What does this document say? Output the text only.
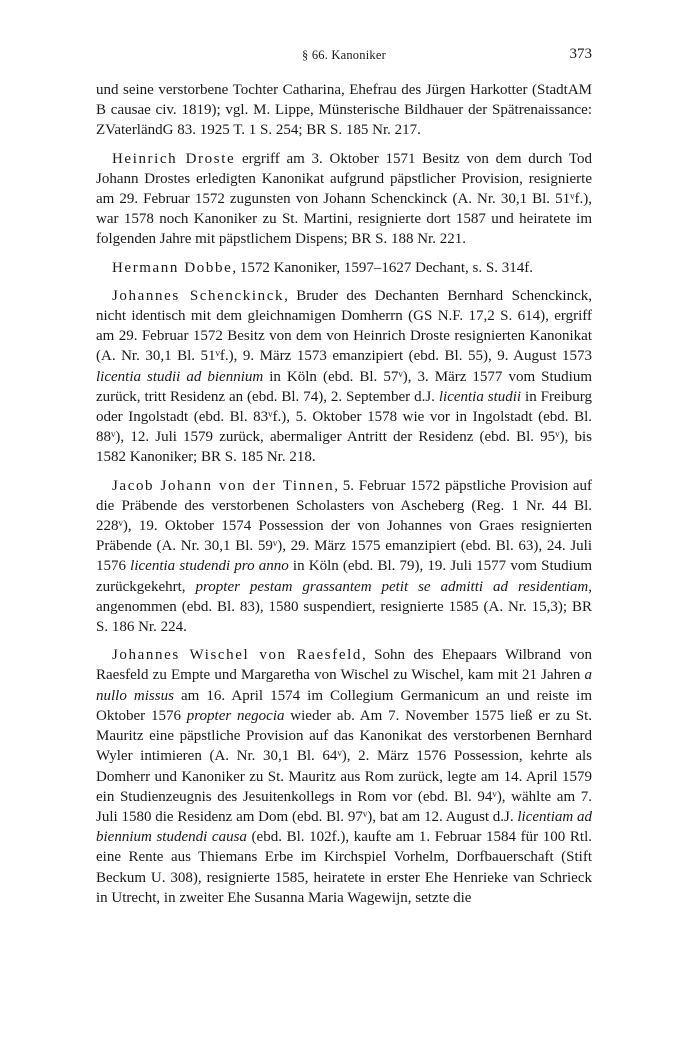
§ 66. Kanoniker	373

und seine verstorbene Tochter Catharina, Ehefrau des Jürgen Harkotter (StadtAM B causae civ. 1819); vgl. M. Lippe, Münsterische Bildhauer der Spätrenaissance: ZVaterländG 83. 1925 T. 1 S. 254; BR S. 185 Nr. 217.

Heinrich Droste ergriff am 3. Oktober 1571 Besitz von dem durch Tod Johann Drostes erledigten Kanonikat aufgrund päpstlicher Provision, resignierte am 29. Februar 1572 zugunsten von Johann Schenckinck (A. Nr. 30,1 Bl. 51ᵛf.), war 1578 noch Kanoniker zu St. Martini, resignierte dort 1587 und heiratete im folgenden Jahre mit päpstlichem Dispens; BR S. 188 Nr. 221.

Hermann Dobbe, 1572 Kanoniker, 1597–1627 Dechant, s. S. 314f.

Johannes Schenckinck, Bruder des Dechanten Bernhard Schenckinck, nicht identisch mit dem gleichnamigen Domherrn (GS N.F. 17,2 S. 614), ergriff am 29. Februar 1572 Besitz von dem von Heinrich Droste resignierten Kanonikat (A. Nr. 30,1 Bl. 51ᵛf.), 9. März 1573 emanzipiert (ebd. Bl. 55), 9. August 1573 licentia studii ad biennium in Köln (ebd. Bl. 57ᵛ), 3. März 1577 vom Studium zurück, tritt Residenz an (ebd. Bl. 74), 2. September d.J. licentia studii in Freiburg oder Ingolstadt (ebd. Bl. 83ᵛf.), 5. Oktober 1578 wie vor in Ingolstadt (ebd. Bl. 88ᵛ), 12. Juli 1579 zurück, abermaliger Antritt der Residenz (ebd. Bl. 95ᵛ), bis 1582 Kanoniker; BR S. 185 Nr. 218.

Jacob Johann von der Tinnen, 5. Februar 1572 päpstliche Provision auf die Präbende des verstorbenen Scholasters von Ascheberg (Reg. 1 Nr. 44 Bl. 228ᵛ), 19. Oktober 1574 Possession der von Johannes von Graes resignierten Präbende (A. Nr. 30,1 Bl. 59ᵛ), 29. März 1575 emanzipiert (ebd. Bl. 63), 24. Juli 1576 licentia studendi pro anno in Köln (ebd. Bl. 79), 19. Juli 1577 vom Studium zurückgekehrt, propter pestam grassantem petit se admitti ad residentiam, angenommen (ebd. Bl. 83), 1580 suspendiert, resignierte 1585 (A. Nr. 15,3); BR S. 186 Nr. 224.

Johannes Wischel von Raesfeld, Sohn des Ehepaars Wilbrand von Raesfeld zu Empte und Margaretha von Wischel zu Wischel, kam mit 21 Jahren a nullo missus am 16. April 1574 im Collegium Germanicum an und reiste im Oktober 1576 propter negocia wieder ab. Am 7. November 1575 ließ er zu St. Mauritz eine päpstliche Provision auf das Kanonikat des verstorbenen Bernhard Wyler intimieren (A. Nr. 30,1 Bl. 64ᵛ), 2. März 1576 Possession, kehrte als Domherr und Kanoniker zu St. Mauritz aus Rom zurück, legte am 14. April 1579 ein Studienzeugnis des Jesuitenkollegs in Rom vor (ebd. Bl. 94ᵛ), wählte am 7. Juli 1580 die Residenz am Dom (ebd. Bl. 97ᵛ), bat am 12. August d.J. licentiam ad biennium studendi causa (ebd. Bl. 102f.), kaufte am 1. Februar 1584 für 100 Rtl. eine Rente aus Thiemans Erbe im Kirchspiel Vorhelm, Dorfbauerschaft (Stift Beckum U. 308), resignierte 1585, heiratete in erster Ehe Henrieke van Schrieck in Utrecht, in zweiter Ehe Susanna Maria Wagewijn, setzte die
